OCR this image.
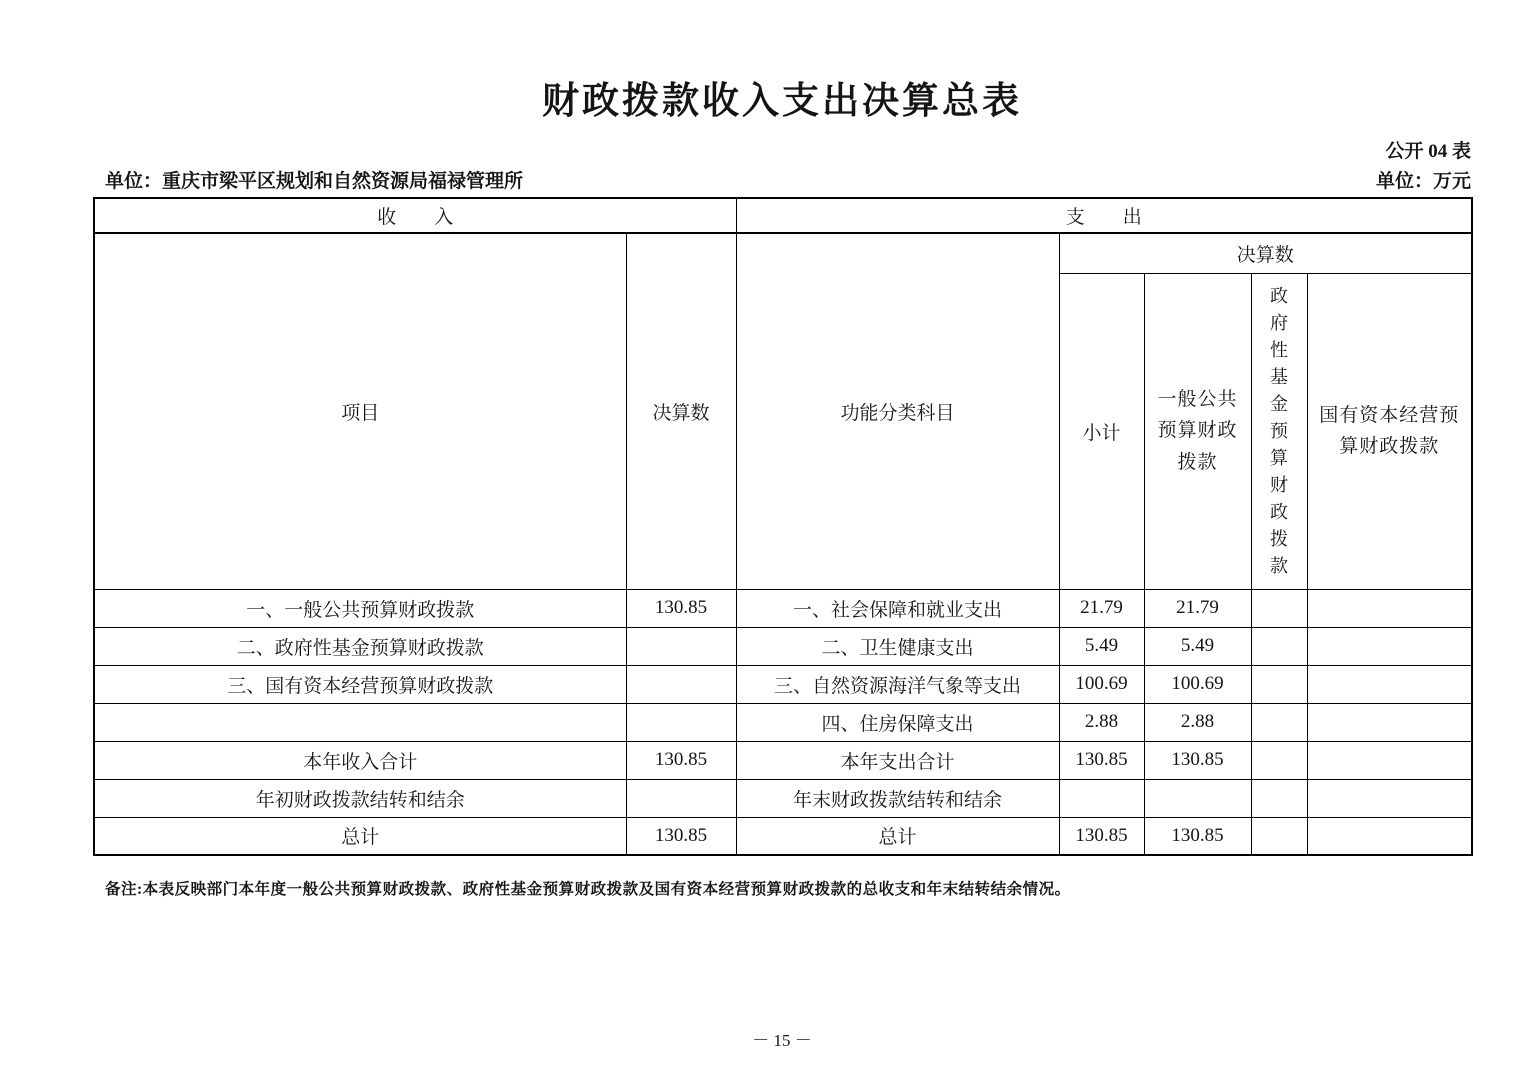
财政拨款收入支出决算总表
公开 04 表
单位：重庆市梁平区规划和自然资源局福禄管理所	单位：万元
收　　入		支　　出				
项目	决算数	功能分类科目	决算数			
			小计	一般公共预算财政拨款	政府性基金预算财政拨款	国有资本经营预算财政拨款
一、一般公共预算财政拨款	130.85	一、社会保障和就业支出	21.79	21.79		
二、政府性基金预算财政拨款		二、卫生健康支出	5.49	5.49		
三、国有资本经营预算财政拨款		三、自然资源海洋气象等支出	100.69	100.69		
		四、住房保障支出	2.88	2.88		
本年收入合计	130.85	本年支出合计	130.85	130.85		
年初财政拨款结转和结余		年末财政拨款结转和结余				
总计	130.85	总计	130.85	130.85		
备注:本表反映部门本年度一般公共预算财政拨款、政府性基金预算财政拨款及国有资本经营预算财政拨款的总收支和年末结转结余情况。
－ 15 －
